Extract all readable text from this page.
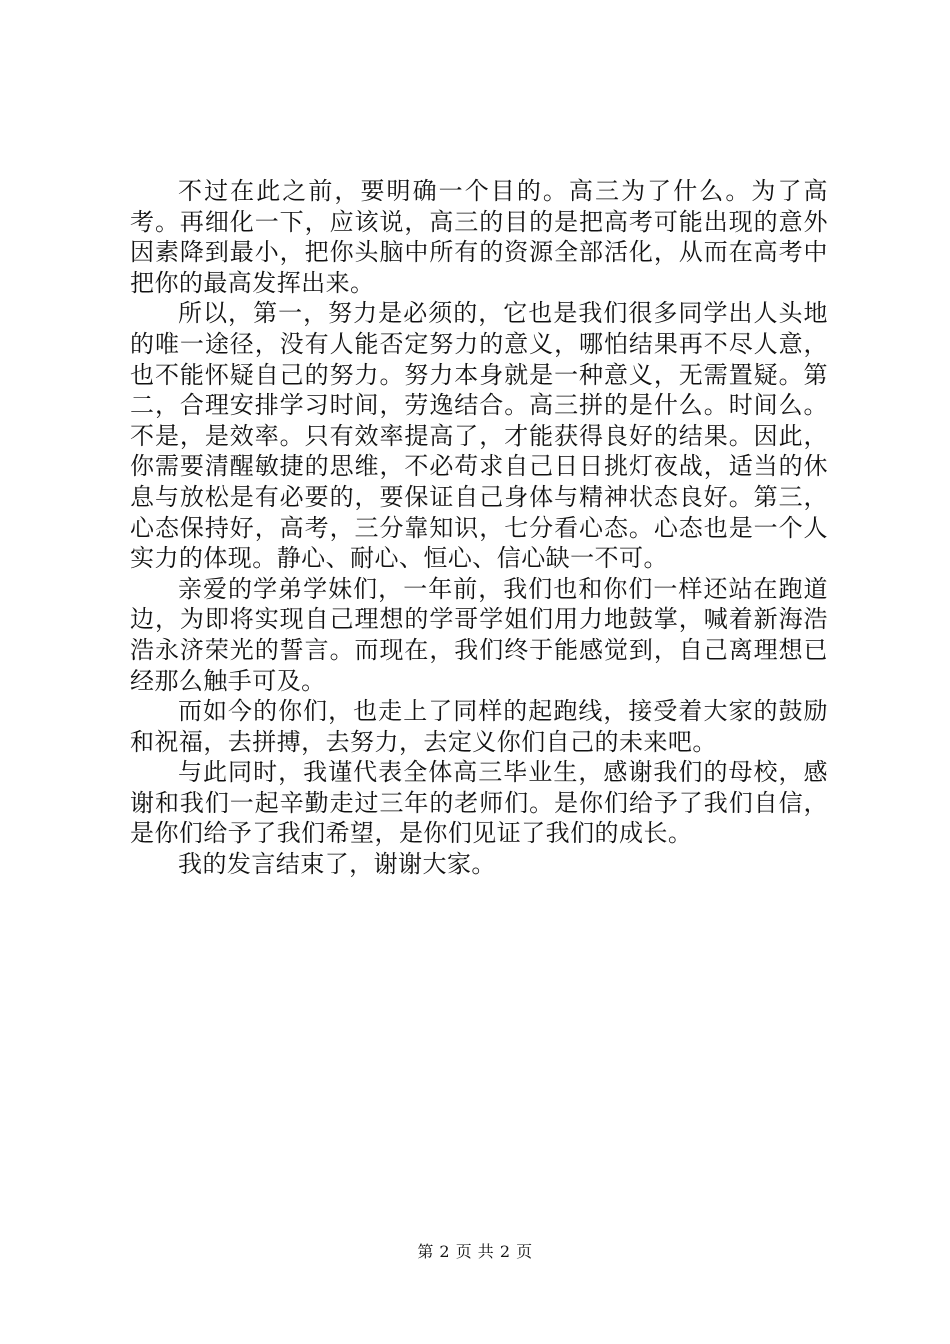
不过在此之前，要明确一个目的。高三为了什么。为了高考。再细化一下，应该说，高三的目的是把高考可能出现的意外因素降到最小，把你头脑中所有的资源全部活化，从而在高考中把你的最高发挥出来。

所以，第一，努力是必须的，它也是我们很多同学出人头地的唯一途径，没有人能否定努力的意义，哪怕结果再不尽人意，也不能怀疑自己的努力。努力本身就是一种意义，无需置疑。第二，合理安排学习时间，劳逸结合。高三拼的是什么。时间么。不是，是效率。只有效率提高了，才能获得良好的结果。因此，你需要清醒敏捷的思维，不必苟求自己日日挑灯夜战，适当的休息与放松是有必要的，要保证自己身体与精神状态良好。第三，心态保持好，高考，三分靠知识，七分看心态。心态也是一个人实力的体现。静心、耐心、恒心、信心缺一不可。

亲爱的学弟学妹们，一年前，我们也和你们一样还站在跑道边，为即将实现自己理想的学哥学姐们用力地鼓掌，喊着新海浩浩永济荣光的誓言。而现在，我们终于能感觉到，自己离理想已经那么触手可及。

而如今的你们，也走上了同样的起跑线，接受着大家的鼓励和祝福，去拼搏，去努力，去定义你们自己的未来吧。

与此同时，我谨代表全体高三毕业生，感谢我们的母校，感谢和我们一起辛勤走过三年的老师们。是你们给予了我们自信，是你们给予了我们希望，是你们见证了我们的成长。

我的发言结束了，谢谢大家。

第 2 页 共 2 页
